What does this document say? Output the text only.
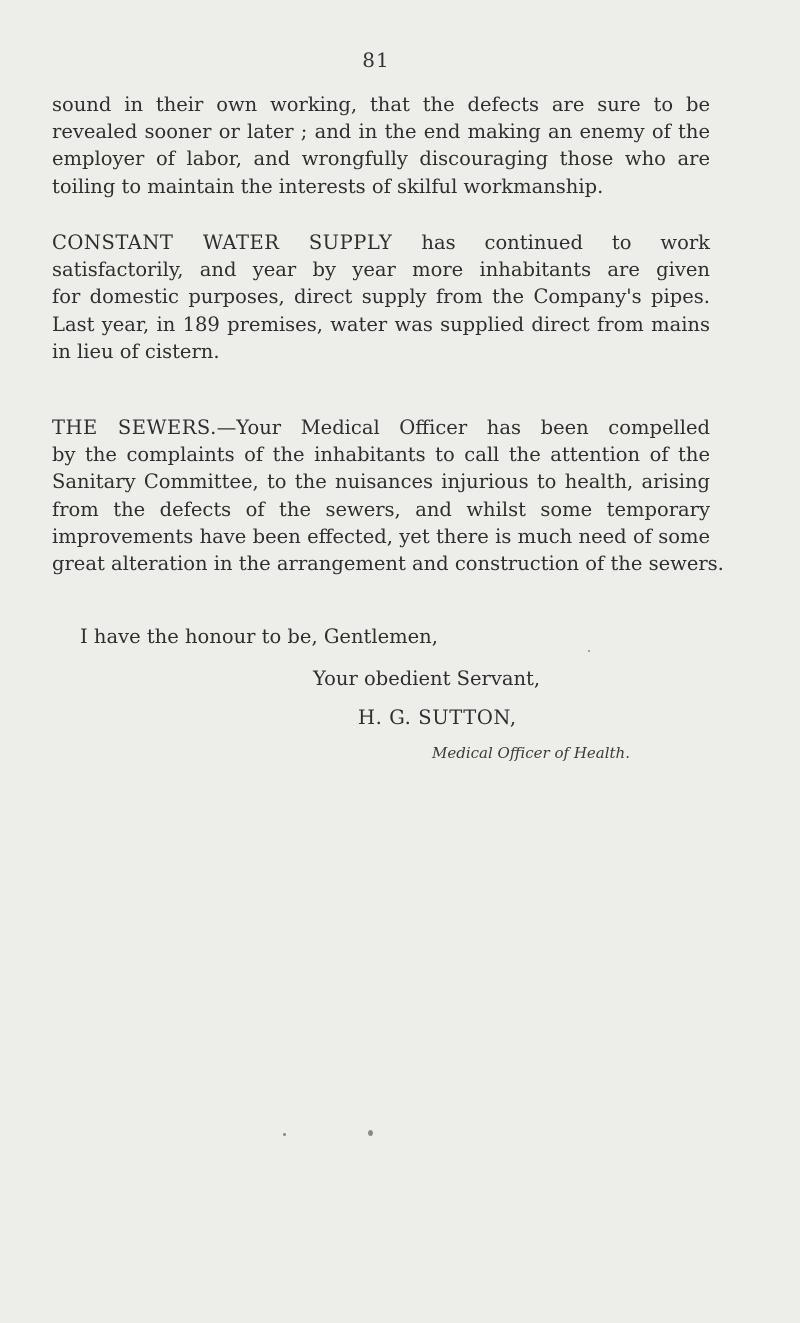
81
sound in their own working, that the defects are sure to be
revealed sooner or later ; and in the end making an enemy of the
employer of labor, and wrongfully discouraging those who are
toiling to maintain the interests of skilful workmanship.
CONSTANT WATER SUPPLY has continued to work
satisfactorily, and year by year more inhabitants are given
for domestic purposes, direct supply from the Company's pipes.
Last year, in 189 premises, water was supplied direct from mains
in lieu of cistern.
THE SEWERS.—Your Medical Officer has been compelled
by the complaints of the inhabitants to call the attention of the
Sanitary Committee, to the nuisances injurious to health, arising
from the defects of the sewers, and whilst some temporary
improvements have been effected, yet there is much need of some
great alteration in the arrangement and construction of the sewers.
I have the honour to be, Gentlemen,
Your obedient Servant,
H. G. SUTTON,
Medical Officer of Health.
